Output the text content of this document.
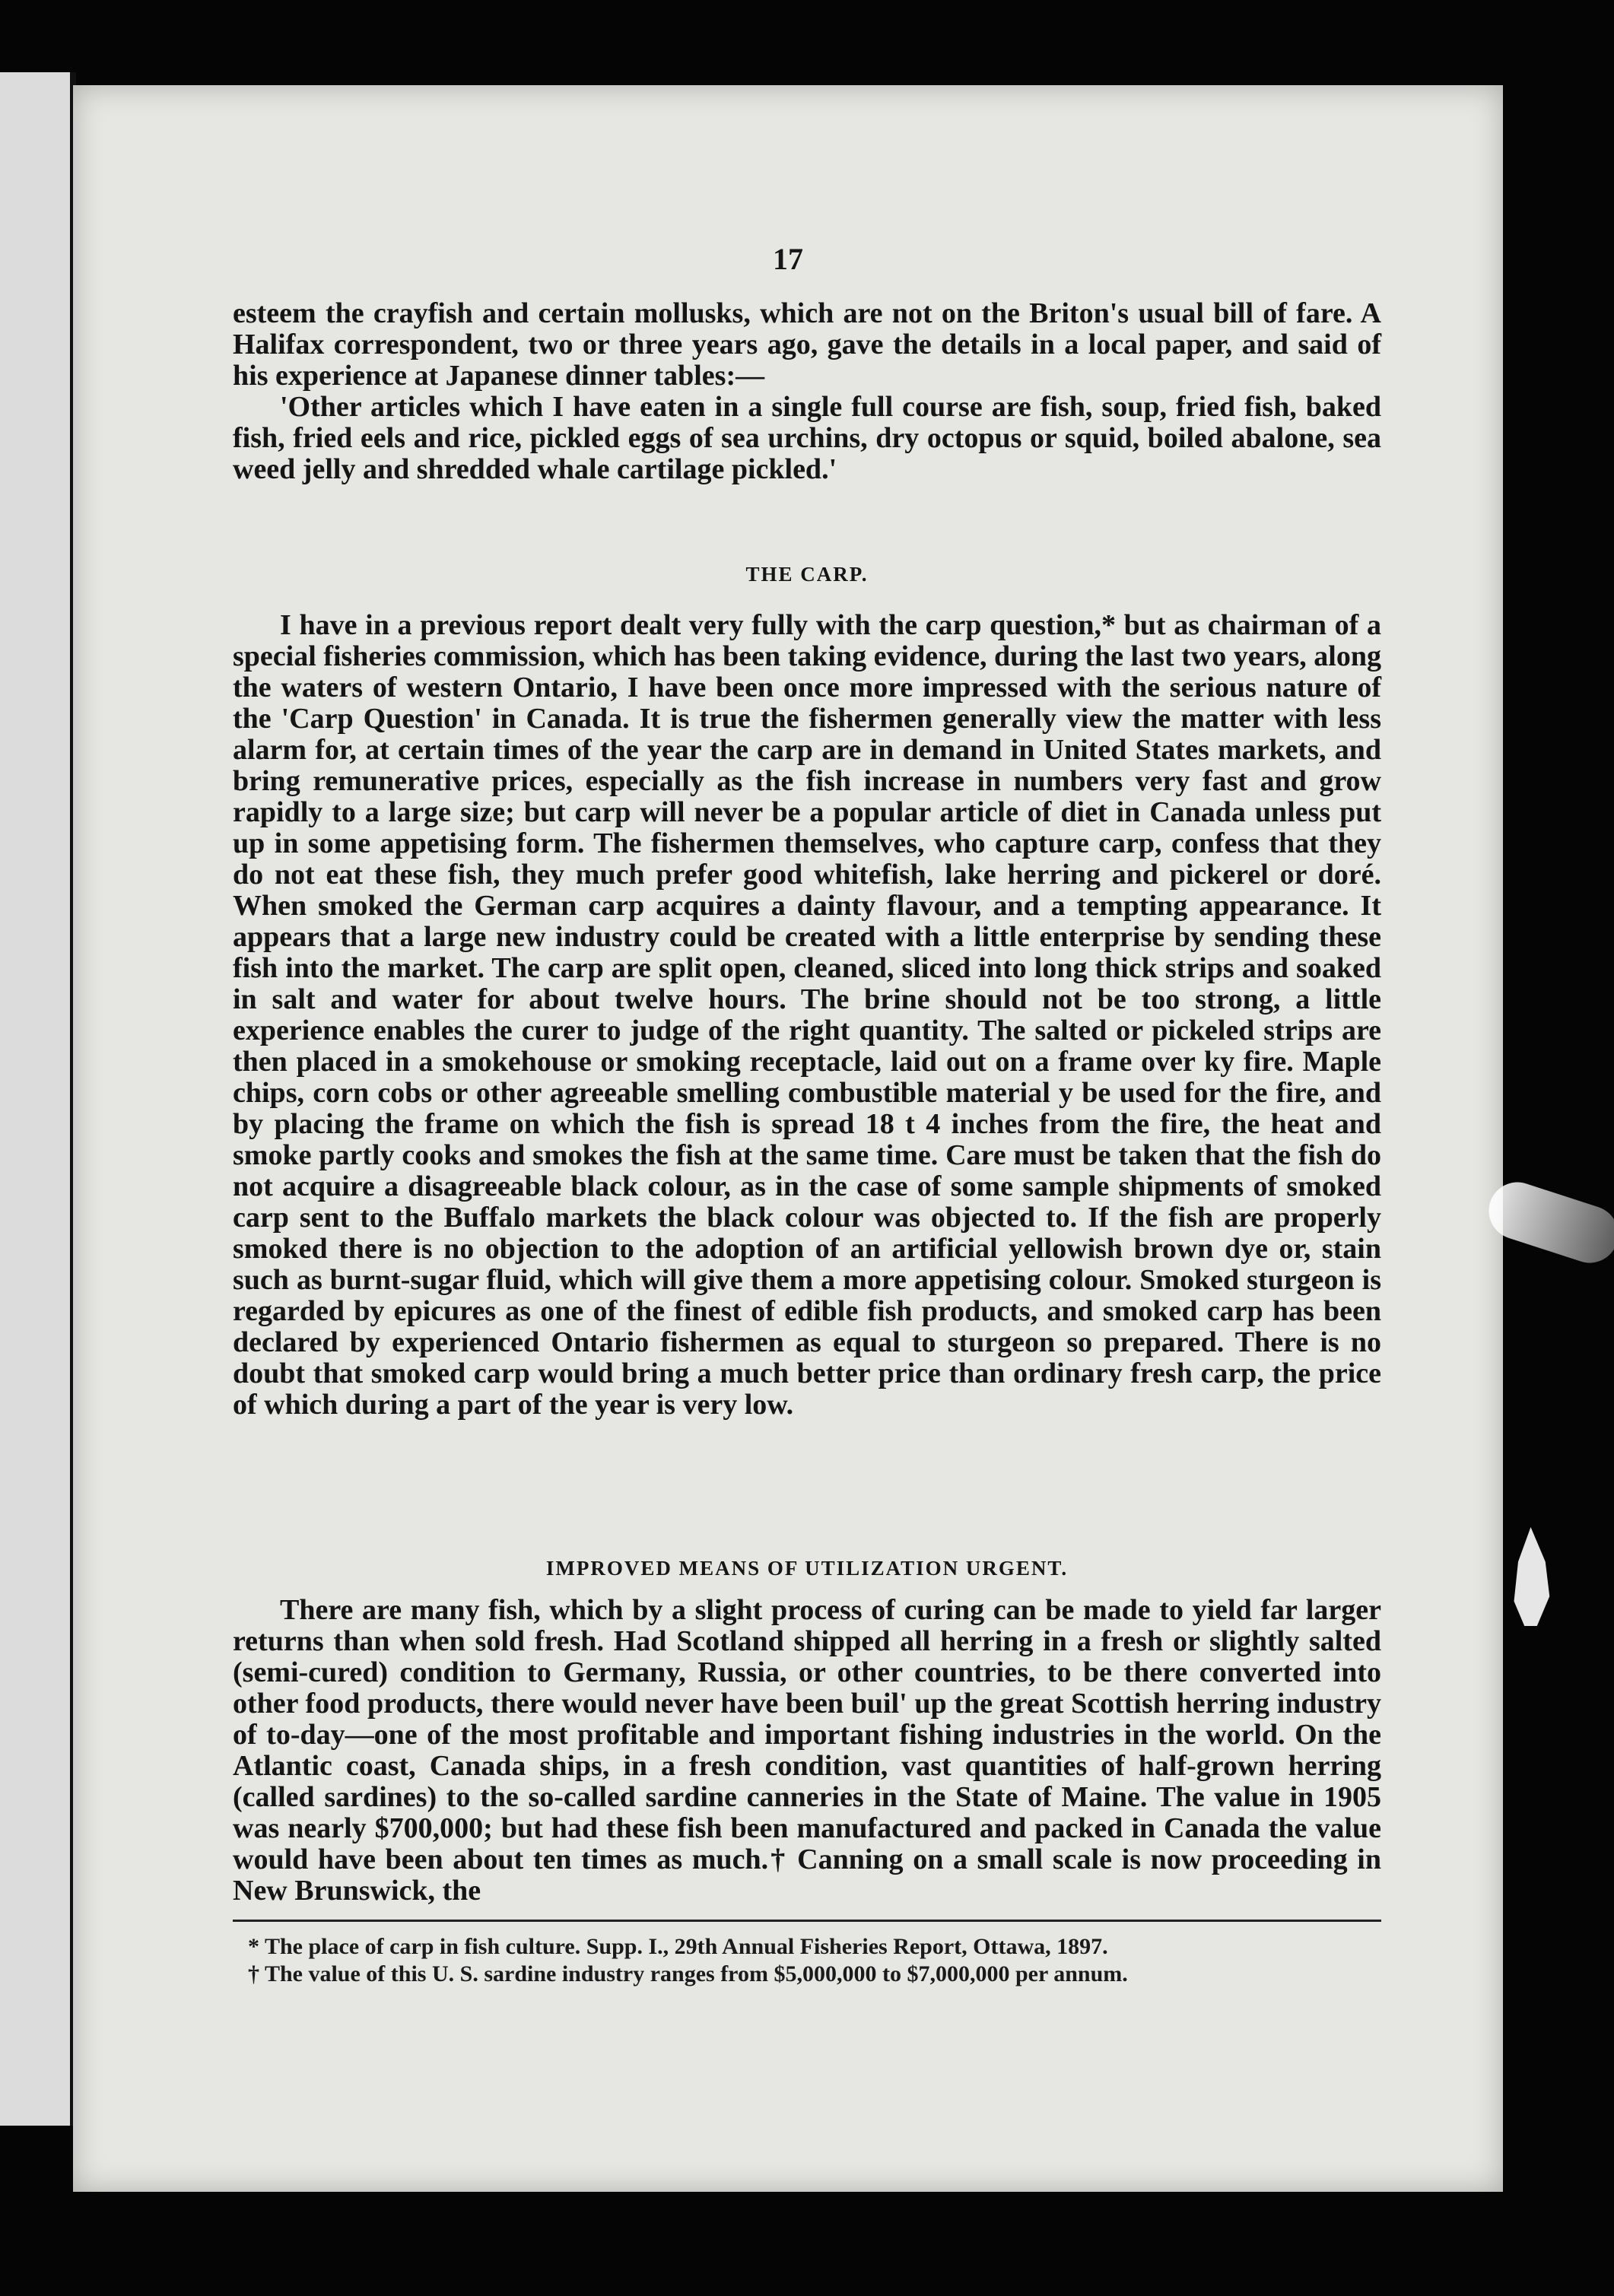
17

esteem the crayfish and certain mollusks, which are not on the Briton's usual bill of fare. A Halifax correspondent, two or three years ago, gave the details in a local paper, and said of his experience at Japanese dinner tables:—

'Other articles which I have eaten in a single full course are fish, soup, fried fish, baked fish, fried eels and rice, pickled eggs of sea urchins, dry octopus or squid, boiled abalone, sea weed jelly and shredded whale cartilage pickled.'

THE CARP.

I have in a previous report dealt very fully with the carp question,* but as chairman of a special fisheries commission, which has been taking evidence, during the last two years, along the waters of western Ontario, I have been once more impressed with the serious nature of the 'Carp Question' in Canada. It is true the fishermen generally view the matter with less alarm for, at certain times of the year the carp are in demand in United States markets, and bring remunerative prices, especially as the fish increase in numbers very fast and grow rapidly to a large size; but carp will never be a popular article of diet in Canada unless put up in some appetising form. The fishermen themselves, who capture carp, confess that they do not eat these fish, they much prefer good whitefish, lake herring and pickerel or doré. When smoked the German carp acquires a dainty flavour, and a tempting appearance. It appears that a large new industry could be created with a little enterprise by sending these fish into the market. The carp are split open, cleaned, sliced into long thick strips and soaked in salt and water for about twelve hours. The brine should not be too strong, a little experience enables the curer to judge of the right quantity. The salted or pickeled strips are then placed in a smokehouse or smoking receptacle, laid out on a frame over ky fire. Maple chips, corn cobs or other agreeable smelling combustible material y be used for the fire, and by placing the frame on which the fish is spread 18 t 4 inches from the fire, the heat and smoke partly cooks and smokes the fish at the same time. Care must be taken that the fish do not acquire a disagreeable black colour, as in the case of some sample shipments of smoked carp sent to the Buffalo markets the black colour was objected to. If the fish are properly smoked there is no objection to the adoption of an artificial yellowish brown dye or, stain such as burnt-sugar fluid, which will give them a more appetising colour. Smoked sturgeon is regarded by epicures as one of the finest of edible fish products, and smoked carp has been declared by experienced Ontario fishermen as equal to sturgeon so prepared. There is no doubt that smoked carp would bring a much better price than ordinary fresh carp, the price of which during a part of the year is very low.

IMPROVED MEANS OF UTILIZATION URGENT.

There are many fish, which by a slight process of curing can be made to yield far larger returns than when sold fresh. Had Scotland shipped all herring in a fresh or slightly salted (semi-cured) condition to Germany, Russia, or other countries, to be there converted into other food products, there would never have been buil' up the great Scottish herring industry of to-day—one of the most profitable and important fishing industries in the world. On the Atlantic coast, Canada ships, in a fresh condition, vast quantities of half-grown herring (called sardines) to the so-called sardine canneries in the State of Maine. The value in 1905 was nearly $700,000; but had these fish been manufactured and packed in Canada the value would have been about ten times as much.† Canning on a small scale is now proceeding in New Brunswick, the

* The place of carp in fish culture. Supp. I., 29th Annual Fisheries Report, Ottawa, 1897.

† The value of this U. S. sardine industry ranges from $5,000,000 to $7,000,000 per annum.
